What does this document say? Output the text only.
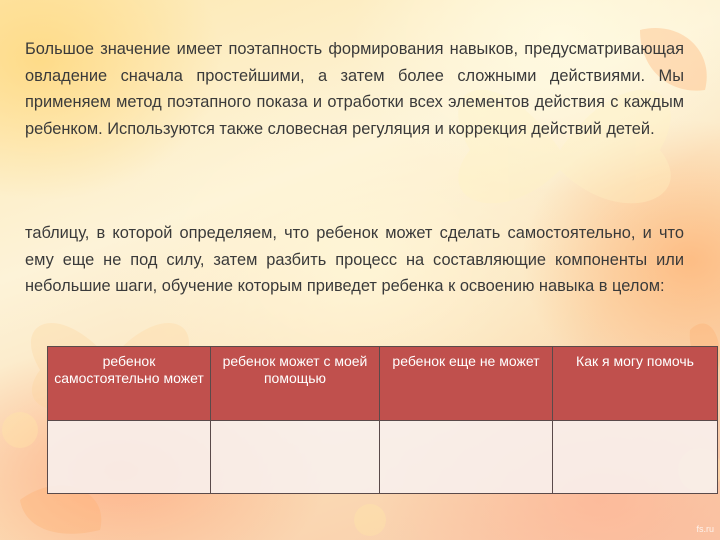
Большое значение имеет поэтапность формирования навыков, предусматривающая овладение сначала простейшими, а затем более сложными действиями. Мы применяем метод поэтапного показа и отработки всех элементов действия с каждым ребенком. Используются также словесная регуляция и коррекция действий детей.

таблицу, в которой определяем, что ребенок может сделать самостоятельно, и что ему еще не под силу, затем разбить процесс на составляющие компоненты или небольшие шаги, обучение которым приведет ребенка к освоению навыка в целом:

ребенок самостоятельно может	ребенок может с моей помощью	ребенок еще не может	Как я могу помочь

fs.ru
